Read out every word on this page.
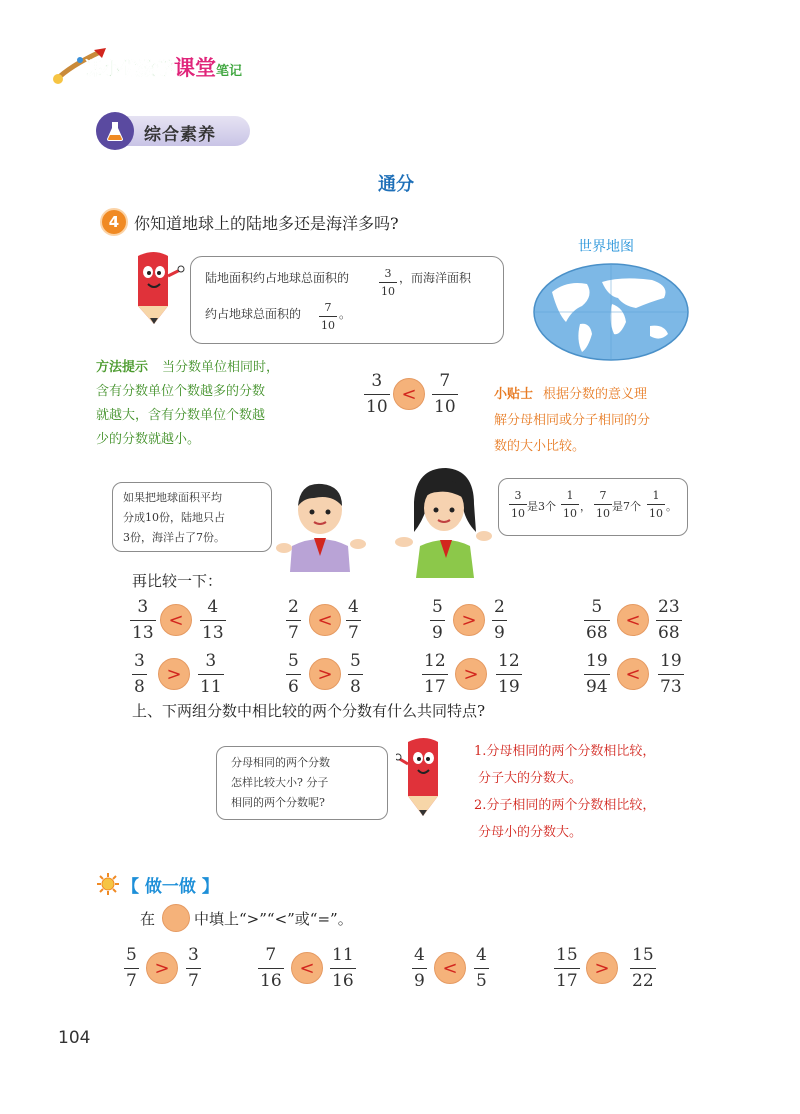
课小优数学课堂笔记
综合素养
通分
4 你知道地球上的陆地多还是海洋多吗?
世界地图
陆地面积约占地球总面积的	3
10
，而海洋面积
约占地球总面积的 7
10
。
方法提示 当分数单位相同时，
含有分数单位个数越多的分数
就越大，含有分数单位个数越
少的分数就越小。
3
10
<
7
10
小贴士 根据分数的意义理
解分母相同或分子相同的分
数的大小比较。
如果把地球面积平均
分成10份，陆地只占
3份，海洋占了7份。
3
10
是3个
1
10
，
7
10
是7个
1
10
。
再比较一下：
3
13
<
4
13
2
7
<
4
7
5
9
>
2
9
5
68
<
23
68
3
8
>
3
11
5
6
>
5
8
12
17
>
12
19
19
94
<
19
73
上、下两组分数中相比较的两个分数有什么共同特点?
分母相同的两个分数
怎样比较大小? 分子
相同的两个分数呢?
1.分母相同的两个分数相比较，
分子大的分数大。
2.分子相同的两个分数相比较，
分母小的分数大。
【 做一做 】
在	中填上“>”“<”或“=”。
5
7
>
3
7
7
16
<
11
16
4
9
<
4
5
15
17
>
15
22
104
